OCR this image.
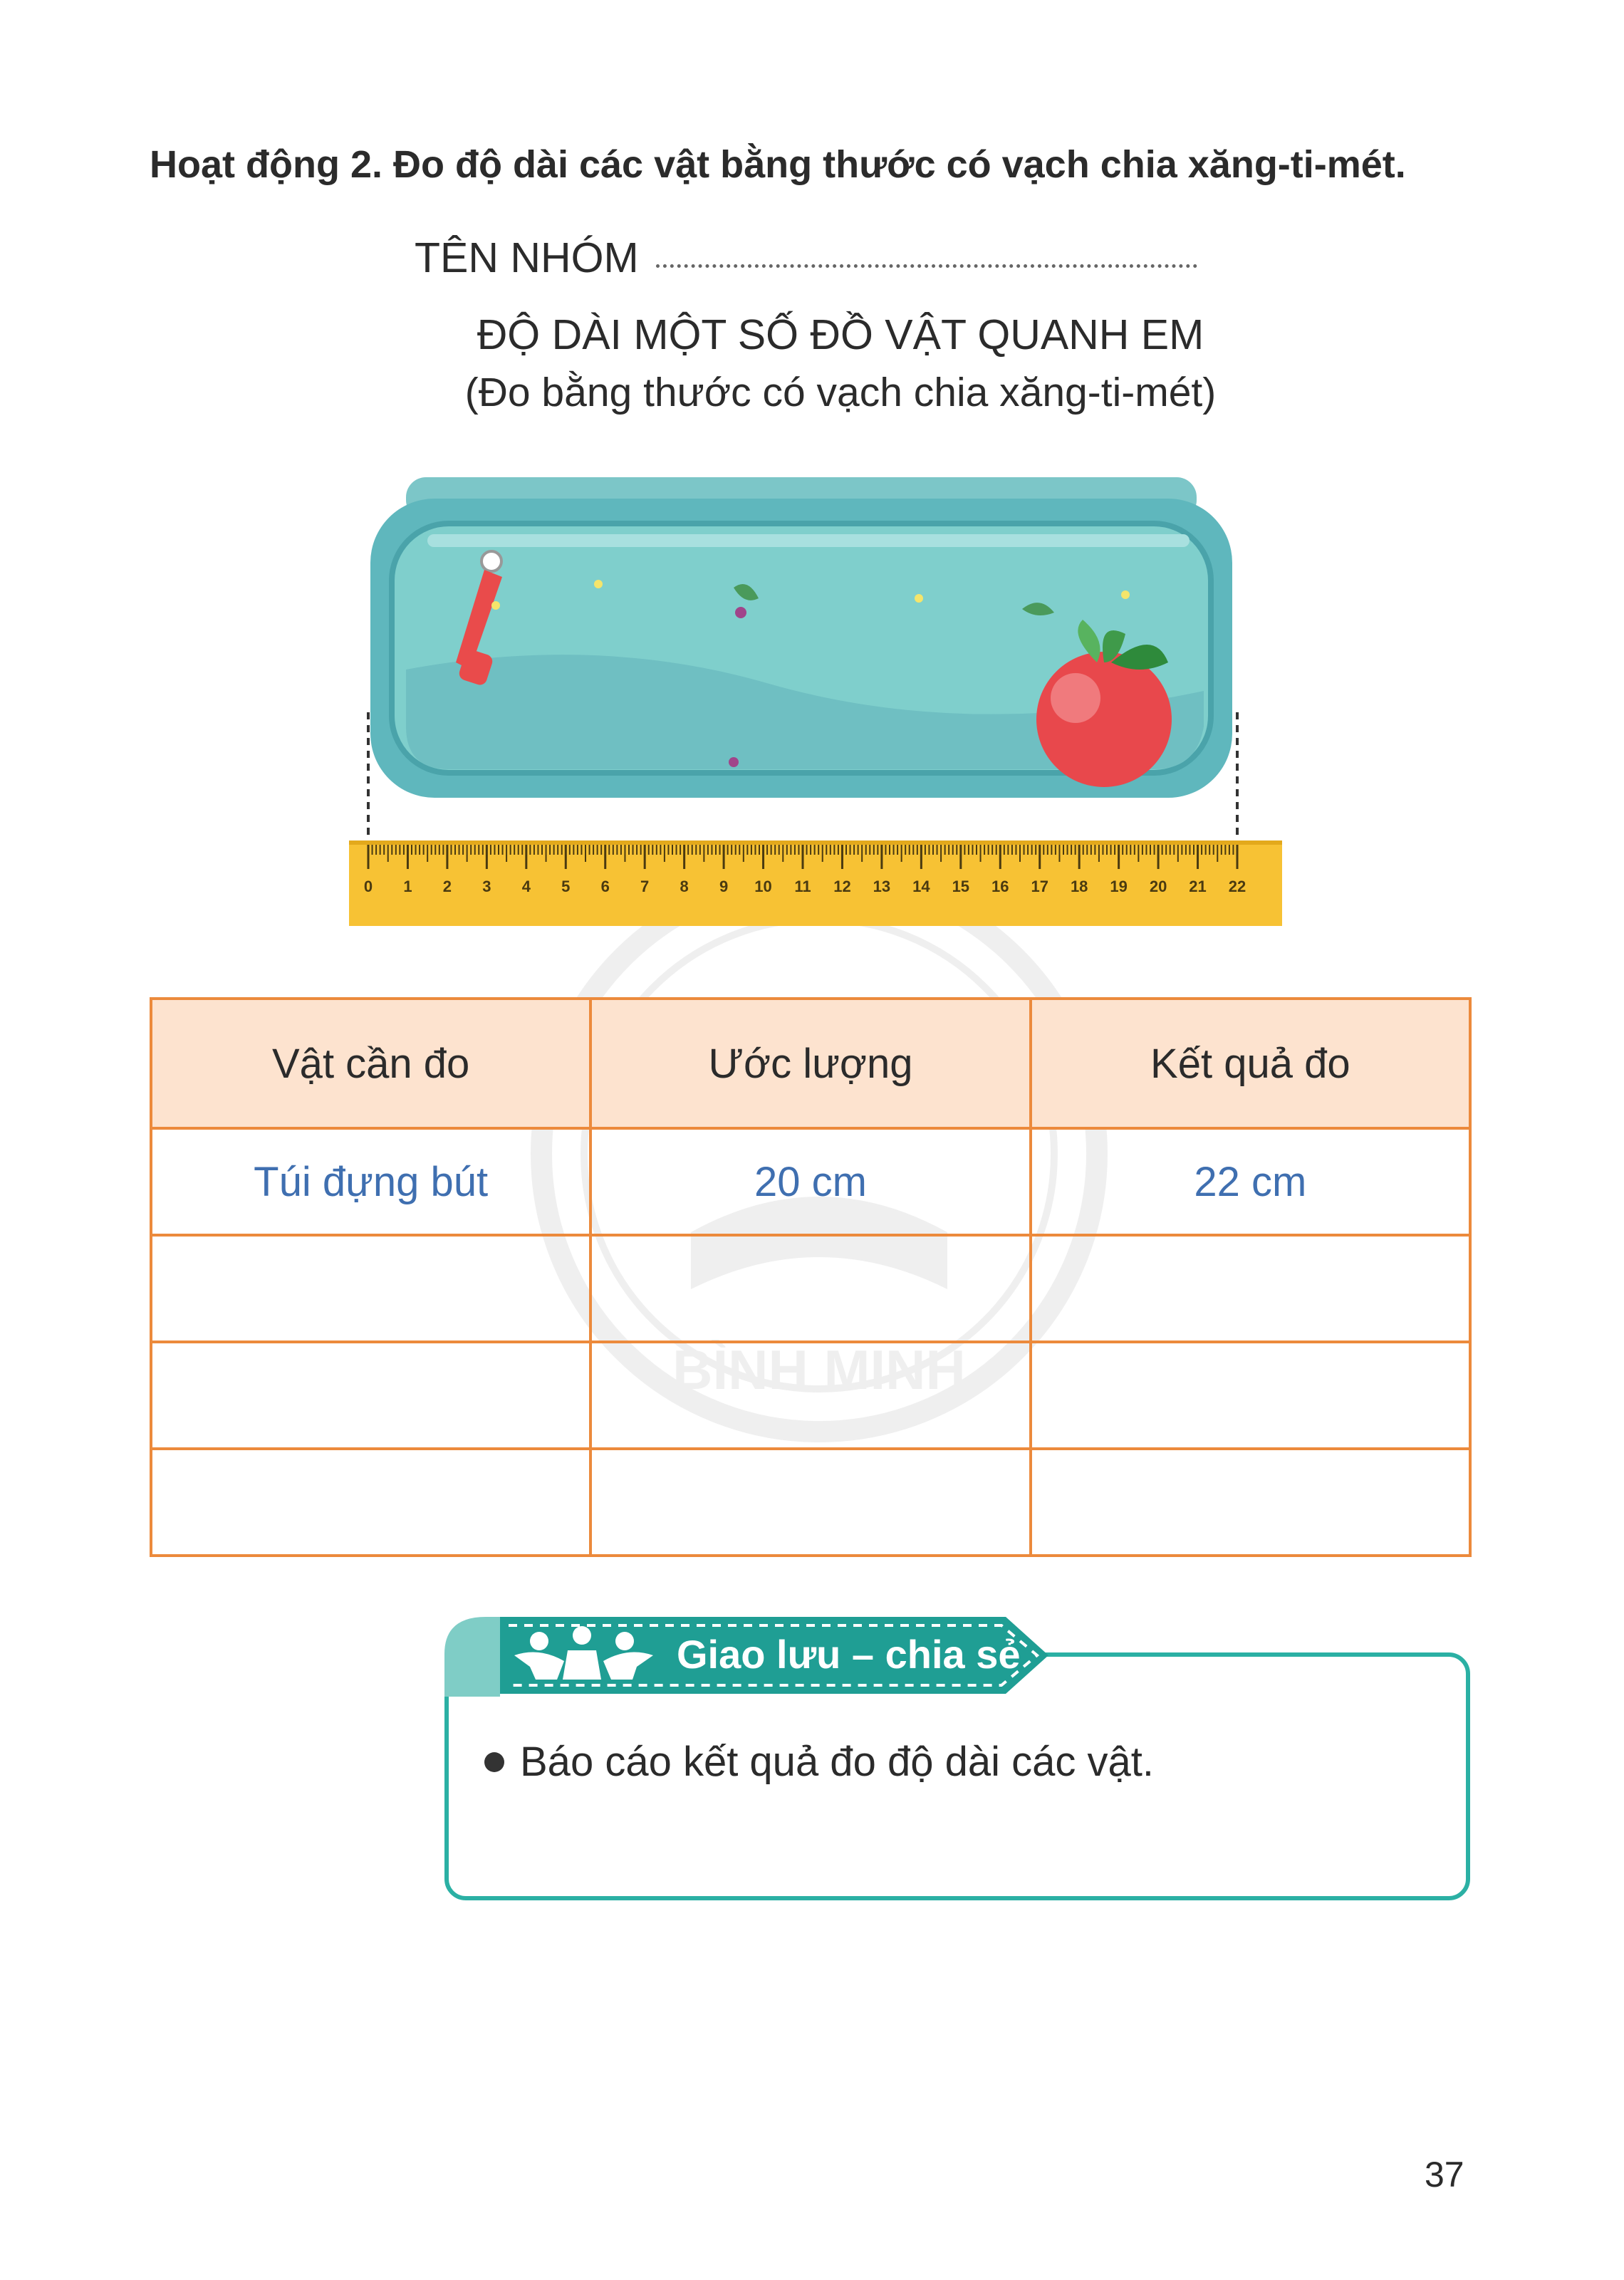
Hoạt động 2. Đo độ dài các vật bằng thước có vạch chia xăng-ti-mét.
TÊN NHÓM
ĐỘ DÀI MỘT SỐ ĐỒ VẬT QUANH EM
(Đo bằng thước có vạch chia xăng-ti-mét)
BÌNH MINH
0 1 2 3 4 5 6 7 8 9 10 11 12 13 14 15 16 17 18 19 20 21 22
Vật cần đo	Ước lượng	Kết quả đo
Túi đựng bút	20 cm	22 cm

Giao lưu – chia sẻ
Báo cáo kết quả đo độ dài các vật.
37
